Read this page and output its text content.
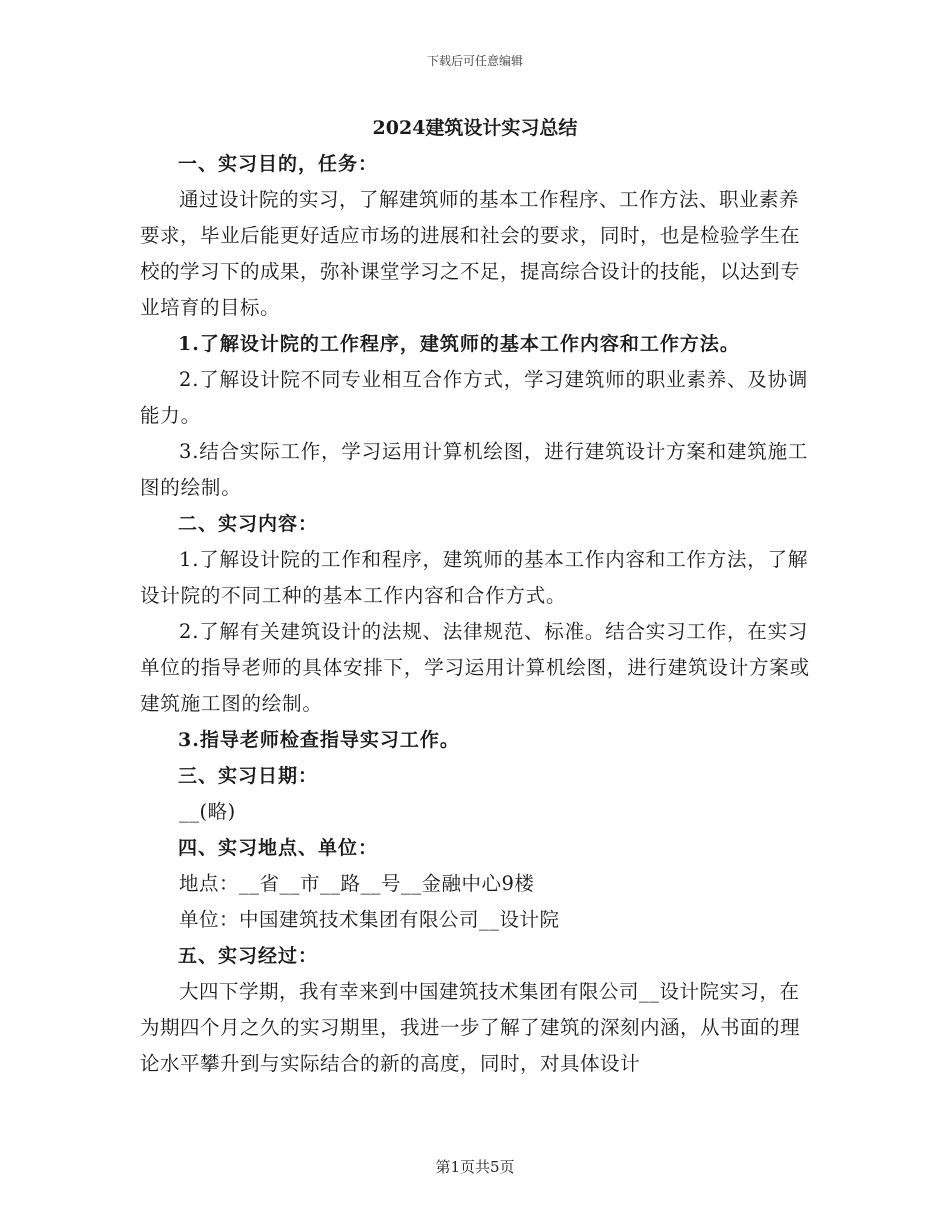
下载后可任意编辑

2024建筑设计实习总结

一、实习目的，任务：

通过设计院的实习，了解建筑师的基本工作程序、工作方法、职业素养要求，毕业后能更好适应市场的进展和社会的要求，同时，也是检验学生在校的学习下的成果，弥补课堂学习之不足，提高综合设计的技能，以达到专业培育的目标。

1.了解设计院的工作程序，建筑师的基本工作内容和工作方法。

2.了解设计院不同专业相互合作方式，学习建筑师的职业素养、及协调能力。

3.结合实际工作，学习运用计算机绘图，进行建筑设计方案和建筑施工图的绘制。

二、实习内容：

1.了解设计院的工作和程序，建筑师的基本工作内容和工作方法，了解设计院的不同工种的基本工作内容和合作方式。

2.了解有关建筑设计的法规、法律规范、标准。结合实习工作，在实习单位的指导老师的具体安排下，学习运用计算机绘图，进行建筑设计方案或建筑施工图的绘制。

3.指导老师检查指导实习工作。

三、实习日期：

__(略)

四、实习地点、单位：

地点：__省__市__路__号__金融中心9楼

单位：中国建筑技术集团有限公司__设计院

五、实习经过：

大四下学期，我有幸来到中国建筑技术集团有限公司__设计院实习，在为期四个月之久的实习期里，我进一步了解了建筑的深刻内涵，从书面的理论水平攀升到与实际结合的新的高度，同时，对具体设计

第1页共5页
